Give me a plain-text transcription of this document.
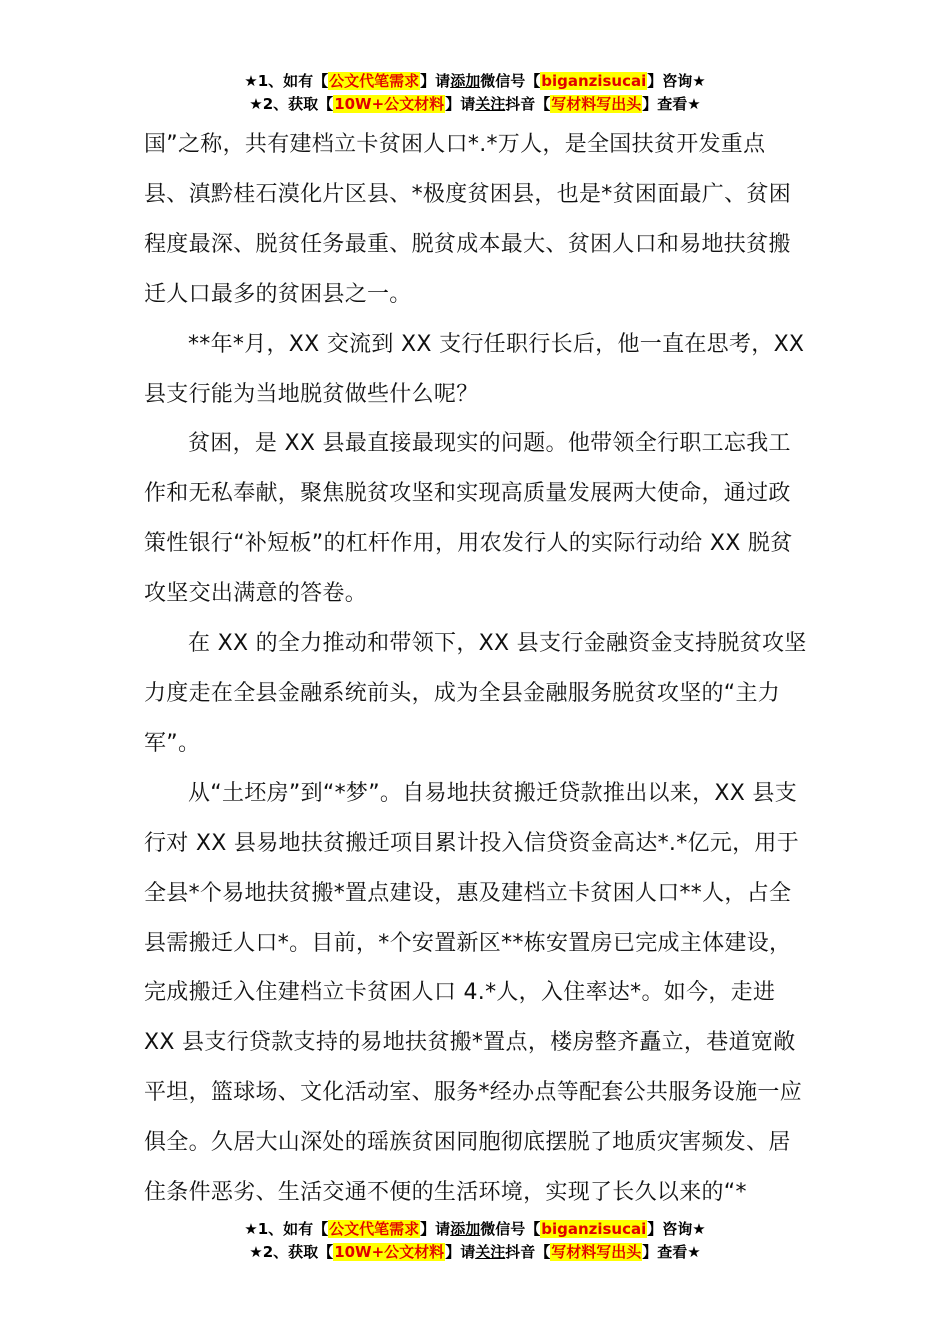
★1、如有【公文代笔需求】请添加微信号【biganzisucai】咨询★
★2、获取【10W+公文材料】请关注抖音【写材料写出头】查看★

国”之称，共有建档立卡贫困人口*.*万人，是全国扶贫开发重点县、滇黔桂石漠化片区县、*极度贫困县，也是*贫困面最广、贫困程度最深、脱贫任务最重、脱贫成本最大、贫困人口和易地扶贫搬迁人口最多的贫困县之一。

**年*月，XX 交流到 XX 支行任职行长后，他一直在思考，XX 县支行能为当地脱贫做些什么呢？

贫困，是 XX 县最直接最现实的问题。他带领全行职工忘我工作和无私奉献，聚焦脱贫攻坚和实现高质量发展两大使命，通过政策性银行“补短板”的杠杆作用，用农发行人的实际行动给 XX 脱贫攻坚交出满意的答卷。

在 XX 的全力推动和带领下，XX 县支行金融资金支持脱贫攻坚力度走在全县金融系统前头，成为全县金融服务脱贫攻坚的“主力军”。

从“土坯房”到“*梦”。自易地扶贫搬迁贷款推出以来，XX 县支行对 XX 县易地扶贫搬迁项目累计投入信贷资金高达*.*亿元，用于全县*个易地扶贫搬*置点建设，惠及建档立卡贫困人口**人，占全县需搬迁人口*。目前，*个安置新区**栋安置房已完成主体建设，完成搬迁入住建档立卡贫困人口 4.*人，入住率达*。如今，走进 XX 县支行贷款支持的易地扶贫搬*置点，楼房整齐矗立，巷道宽敞平坦，篮球场、文化活动室、服务*经办点等配套公共服务设施一应俱全。久居大山深处的瑶族贫困同胞彻底摆脱了地质灾害频发、居住条件恶劣、生活交通不便的生活环境，实现了长久以来的“*

★1、如有【公文代笔需求】请添加微信号【biganzisucai】咨询★
★2、获取【10W+公文材料】请关注抖音【写材料写出头】查看★
